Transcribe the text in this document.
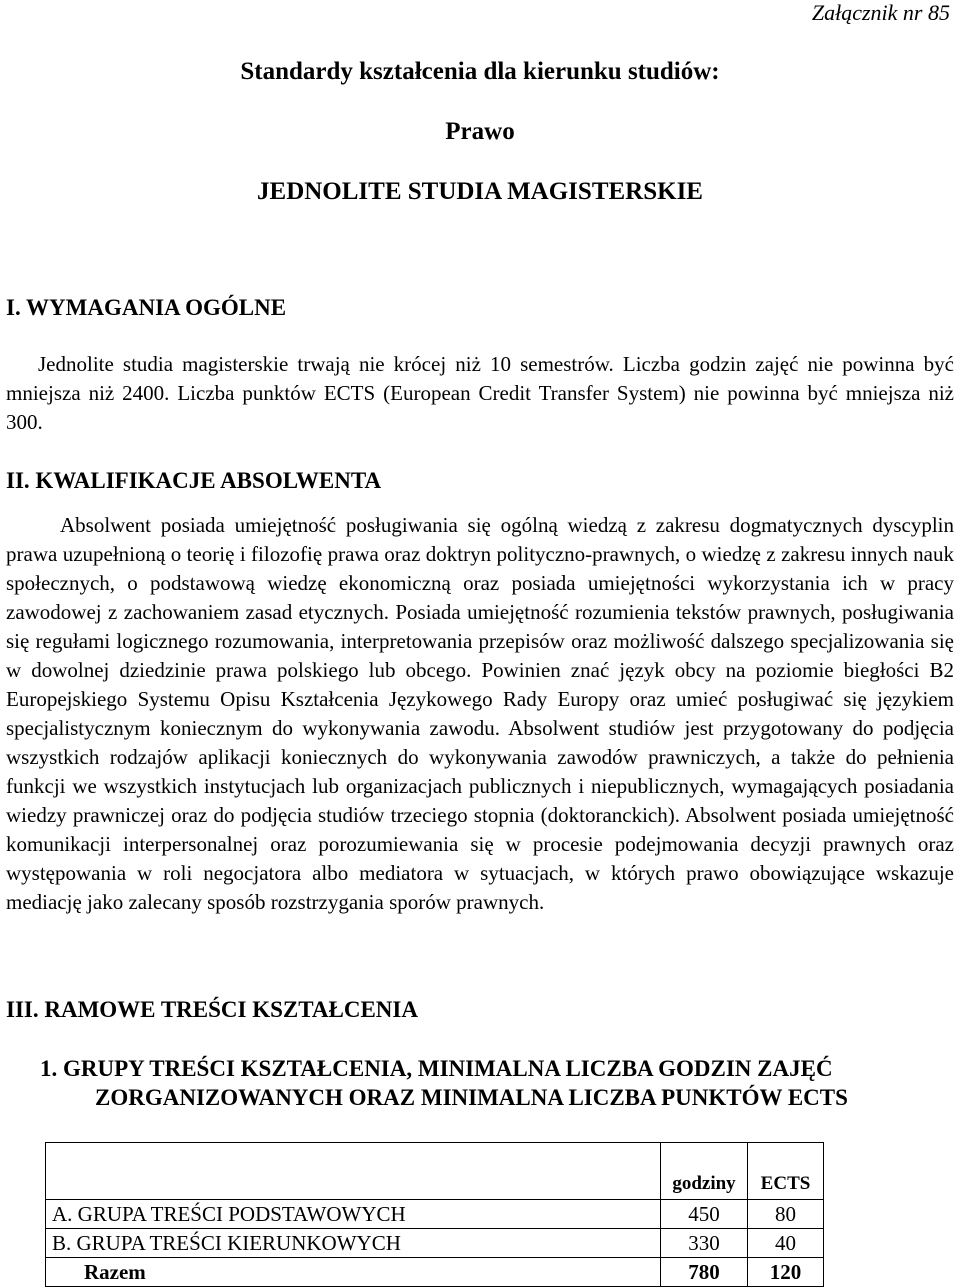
Załącznik nr 85
Standardy kształcenia dla kierunku studiów:
Prawo
JEDNOLITE STUDIA MAGISTERSKIE
I. WYMAGANIA OGÓLNE
Jednolite studia magisterskie trwają nie krócej niż 10 semestrów. Liczba godzin zajęć nie powinna być mniejsza niż 2400. Liczba punktów ECTS (European Credit Transfer System) nie powinna być mniejsza niż 300.
II. KWALIFIKACJE ABSOLWENTA
Absolwent posiada umiejętność posługiwania się ogólną wiedzą z zakresu dogmatycznych dyscyplin prawa uzupełnioną o teorię i filozofię prawa oraz doktryn polityczno-prawnych, o wiedzę z zakresu innych nauk społecznych, o podstawową wiedzę ekonomiczną oraz posiada umiejętności wykorzystania ich w pracy zawodowej z zachowaniem zasad etycznych. Posiada umiejętność rozumienia tekstów prawnych, posługiwania się regułami logicznego rozumowania, interpretowania przepisów oraz możliwość dalszego specjalizowania się w dowolnej dziedzinie prawa polskiego lub obcego. Powinien znać język obcy na poziomie biegłości B2 Europejskiego Systemu Opisu Kształcenia Językowego Rady Europy oraz umieć posługiwać się językiem specjalistycznym koniecznym do wykonywania zawodu. Absolwent studiów jest przygotowany do podjęcia wszystkich rodzajów aplikacji koniecznych do wykonywania zawodów prawniczych, a także do pełnienia funkcji we wszystkich instytucjach lub organizacjach publicznych i niepublicznych, wymagających posiadania wiedzy prawniczej oraz do podjęcia studiów trzeciego stopnia (doktoranckich). Absolwent posiada umiejętność komunikacji interpersonalnej oraz porozumiewania się w procesie podejmowania decyzji prawnych oraz występowania w roli negocjatora albo mediatora w sytuacjach, w których prawo obowiązujące wskazuje mediację jako zalecany sposób rozstrzygania sporów prawnych.
III. RAMOWE TREŚCI KSZTAŁCENIA
1. GRUPY TREŚCI KSZTAŁCENIA, MINIMALNA LICZBA GODZIN ZAJĘĆ
ZORGANIZOWANYCH ORAZ MINIMALNA LICZBA PUNKTÓW ECTS
	godziny	ECTS
A. GRUPA TREŚCI PODSTAWOWYCH	450	80
B. GRUPA TREŚCI KIERUNKOWYCH	330	40
Razem	780	120
